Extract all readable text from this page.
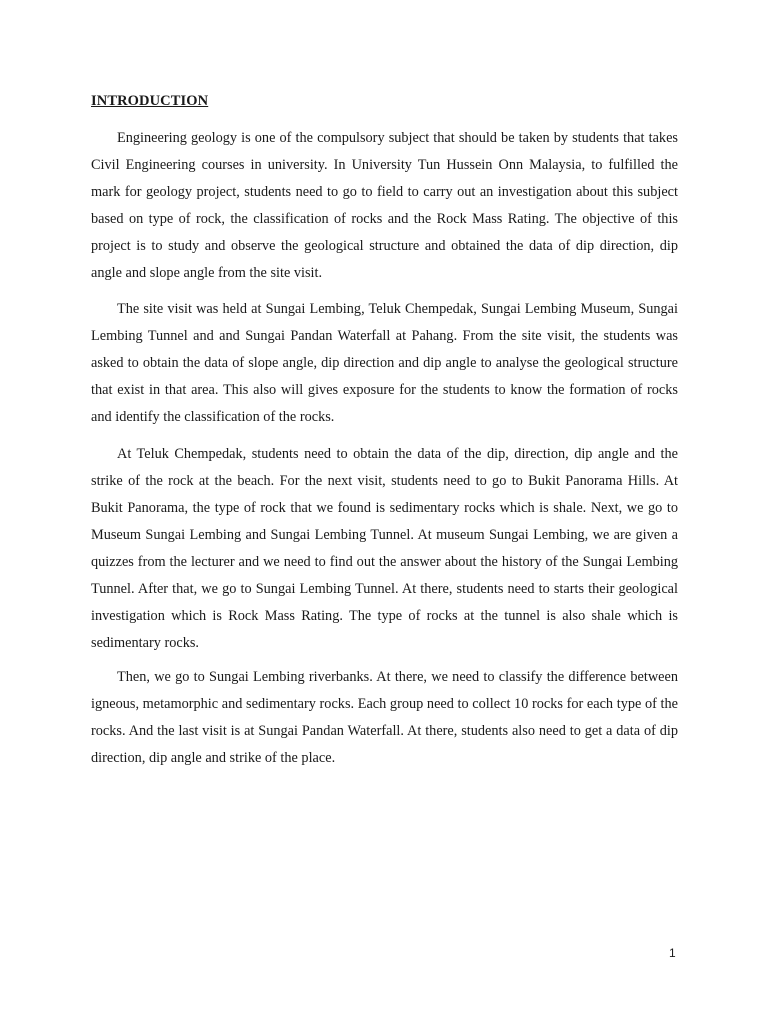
INTRODUCTION

Engineering geology is one of the compulsory subject that should be taken by students that takes Civil Engineering courses in university. In University Tun Hussein Onn Malaysia, to fulfilled the mark for geology project, students need to go to field to carry out an investigation about this subject based on type of rock, the classification of rocks and the Rock Mass Rating. The objective of this project is to study and observe the geological structure and obtained the data of dip direction, dip angle and slope angle from the site visit.

The site visit was held at Sungai Lembing, Teluk Chempedak, Sungai Lembing Museum, Sungai Lembing Tunnel and and Sungai Pandan Waterfall at Pahang. From the site visit, the students was asked to obtain the data of slope angle, dip direction and dip angle to analyse the geological structure that exist in that area. This also will gives exposure for the students to know the formation of rocks and identify the classification of the rocks.

At Teluk Chempedak, students need to obtain the data of the dip, direction, dip angle and the strike of the rock at the beach. For the next visit, students need to go to Bukit Panorama Hills. At Bukit Panorama, the type of rock that we found is sedimentary rocks which is shale. Next, we go to Museum Sungai Lembing and Sungai Lembing Tunnel. At museum Sungai Lembing, we are given a quizzes from the lecturer and we need to find out the answer about the history of the Sungai Lembing Tunnel. After that, we go to Sungai Lembing Tunnel. At there, students need to starts their geological investigation which is Rock Mass Rating. The type of rocks at the tunnel is also shale which is sedimentary rocks.

Then, we go to Sungai Lembing riverbanks. At there, we need to classify the difference between igneous, metamorphic and sedimentary rocks. Each group need to collect 10 rocks for each type of the rocks. And the last visit is at Sungai Pandan Waterfall. At there, students also need to get a data of dip direction, dip angle and strike of the place.

1
